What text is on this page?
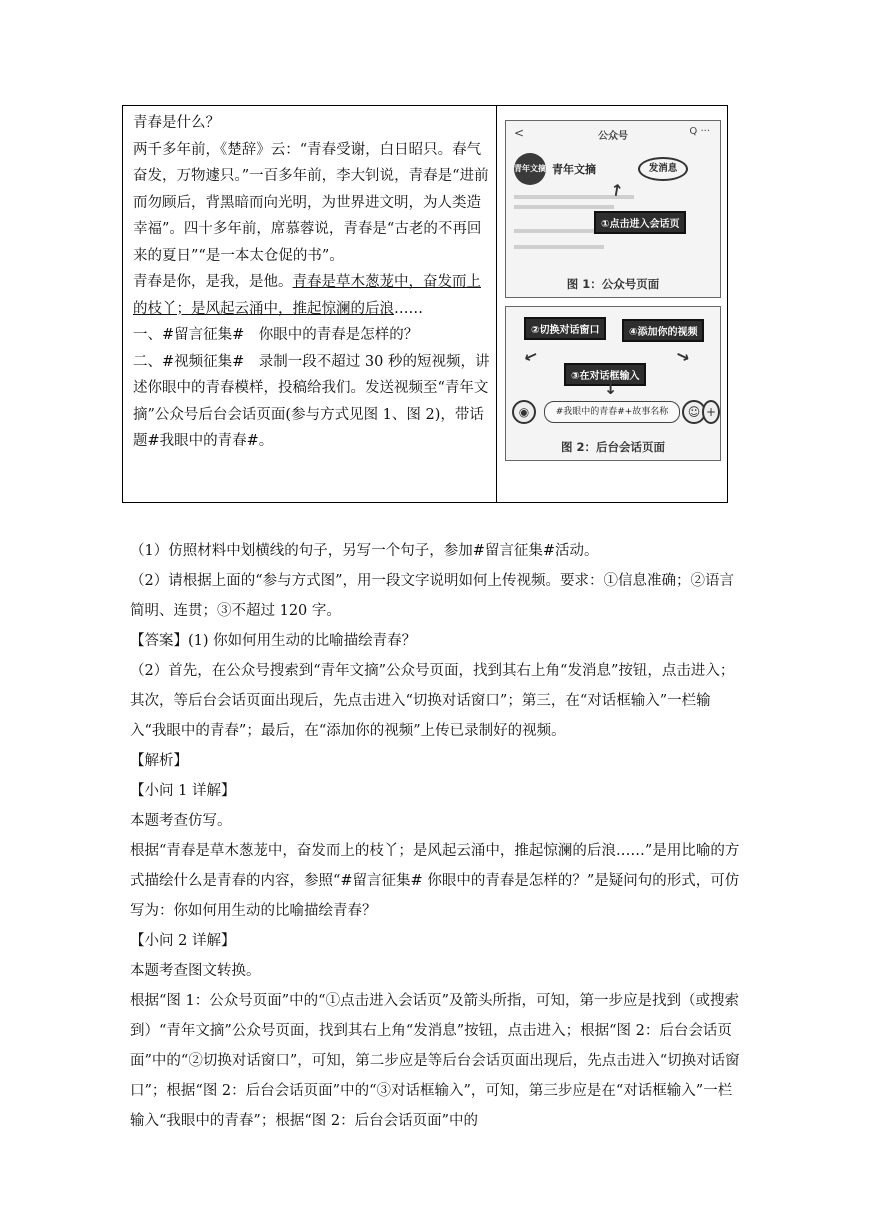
青春是什么？

两千多年前，《楚辞》云：“青春受谢，白日昭只。春气奋发，万物遽只。”一百多年前，李大钊说，青春是“进前而勿顾后，背黑暗而向光明，为世界进文明，为人类造幸福”。四十多年前，席慕蓉说，青春是“古老的不再回来的夏日”“是一本太仓促的书”。

青春是你，是我，是他。青春是草木葱茏中，奋发而上的枝丫；是风起云涌中，推起惊澜的后浪……

一、#留言征集#　你眼中的青春是怎样的？

二、#视频征集#　录制一段不超过 30 秒的短视频，讲述你眼中的青春模样，投稿给我们。发送视频至“青年文摘”公众号后台会话页面(参与方式见图 1、图 2)，带话题#我眼中的青春#。

<	公众号	Q ···
青年文摘 青年文摘	发消息
↗
①点击进入会话页
图 1：公众号页面
②切换对话窗口	④添加你的视频
↙	↘
③在对话框输入
↓
◉	#我眼中的青春#+故事名称	☺ +
图 2：后台会话页面

（1）仿照材料中划横线的句子，另写一个句子，参加#留言征集#活动。

（2）请根据上面的“参与方式图”，用一段文字说明如何上传视频。要求：①信息准确；②语言简明、连贯；③不超过 120 字。

【答案】(1) 你如何用生动的比喻描绘青春？

（2）首先，在公众号搜索到“青年文摘”公众号页面，找到其右上角“发消息”按钮，点击进入；其次，等后台会话页面出现后，先点击进入“切换对话窗口”；第三，在“对话框输入”一栏输入“我眼中的青春”；最后，在“添加你的视频”上传已录制好的视频。

【解析】

【小问 1 详解】

本题考查仿写。

根据“青春是草木葱茏中，奋发而上的枝丫；是风起云涌中，推起惊澜的后浪……”是用比喻的方式描绘什么是青春的内容，参照“#留言征集# 你眼中的青春是怎样的？”是疑问句的形式，可仿写为：你如何用生动的比喻描绘青春？

【小问 2 详解】

本题考查图文转换。

根据“图 1：公众号页面”中的“①点击进入会话页”及箭头所指，可知，第一步应是找到（或搜索到）“青年文摘”公众号页面，找到其右上角“发消息”按钮，点击进入；根据“图 2：后台会话页面”中的“②切换对话窗口”，可知，第二步应是等后台会话页面出现后，先点击进入“切换对话窗口”；根据“图 2：后台会话页面”中的“③对话框输入”，可知，第三步应是在“对话框输入”一栏输入“我眼中的青春”；根据“图 2：后台会话页面”中的
